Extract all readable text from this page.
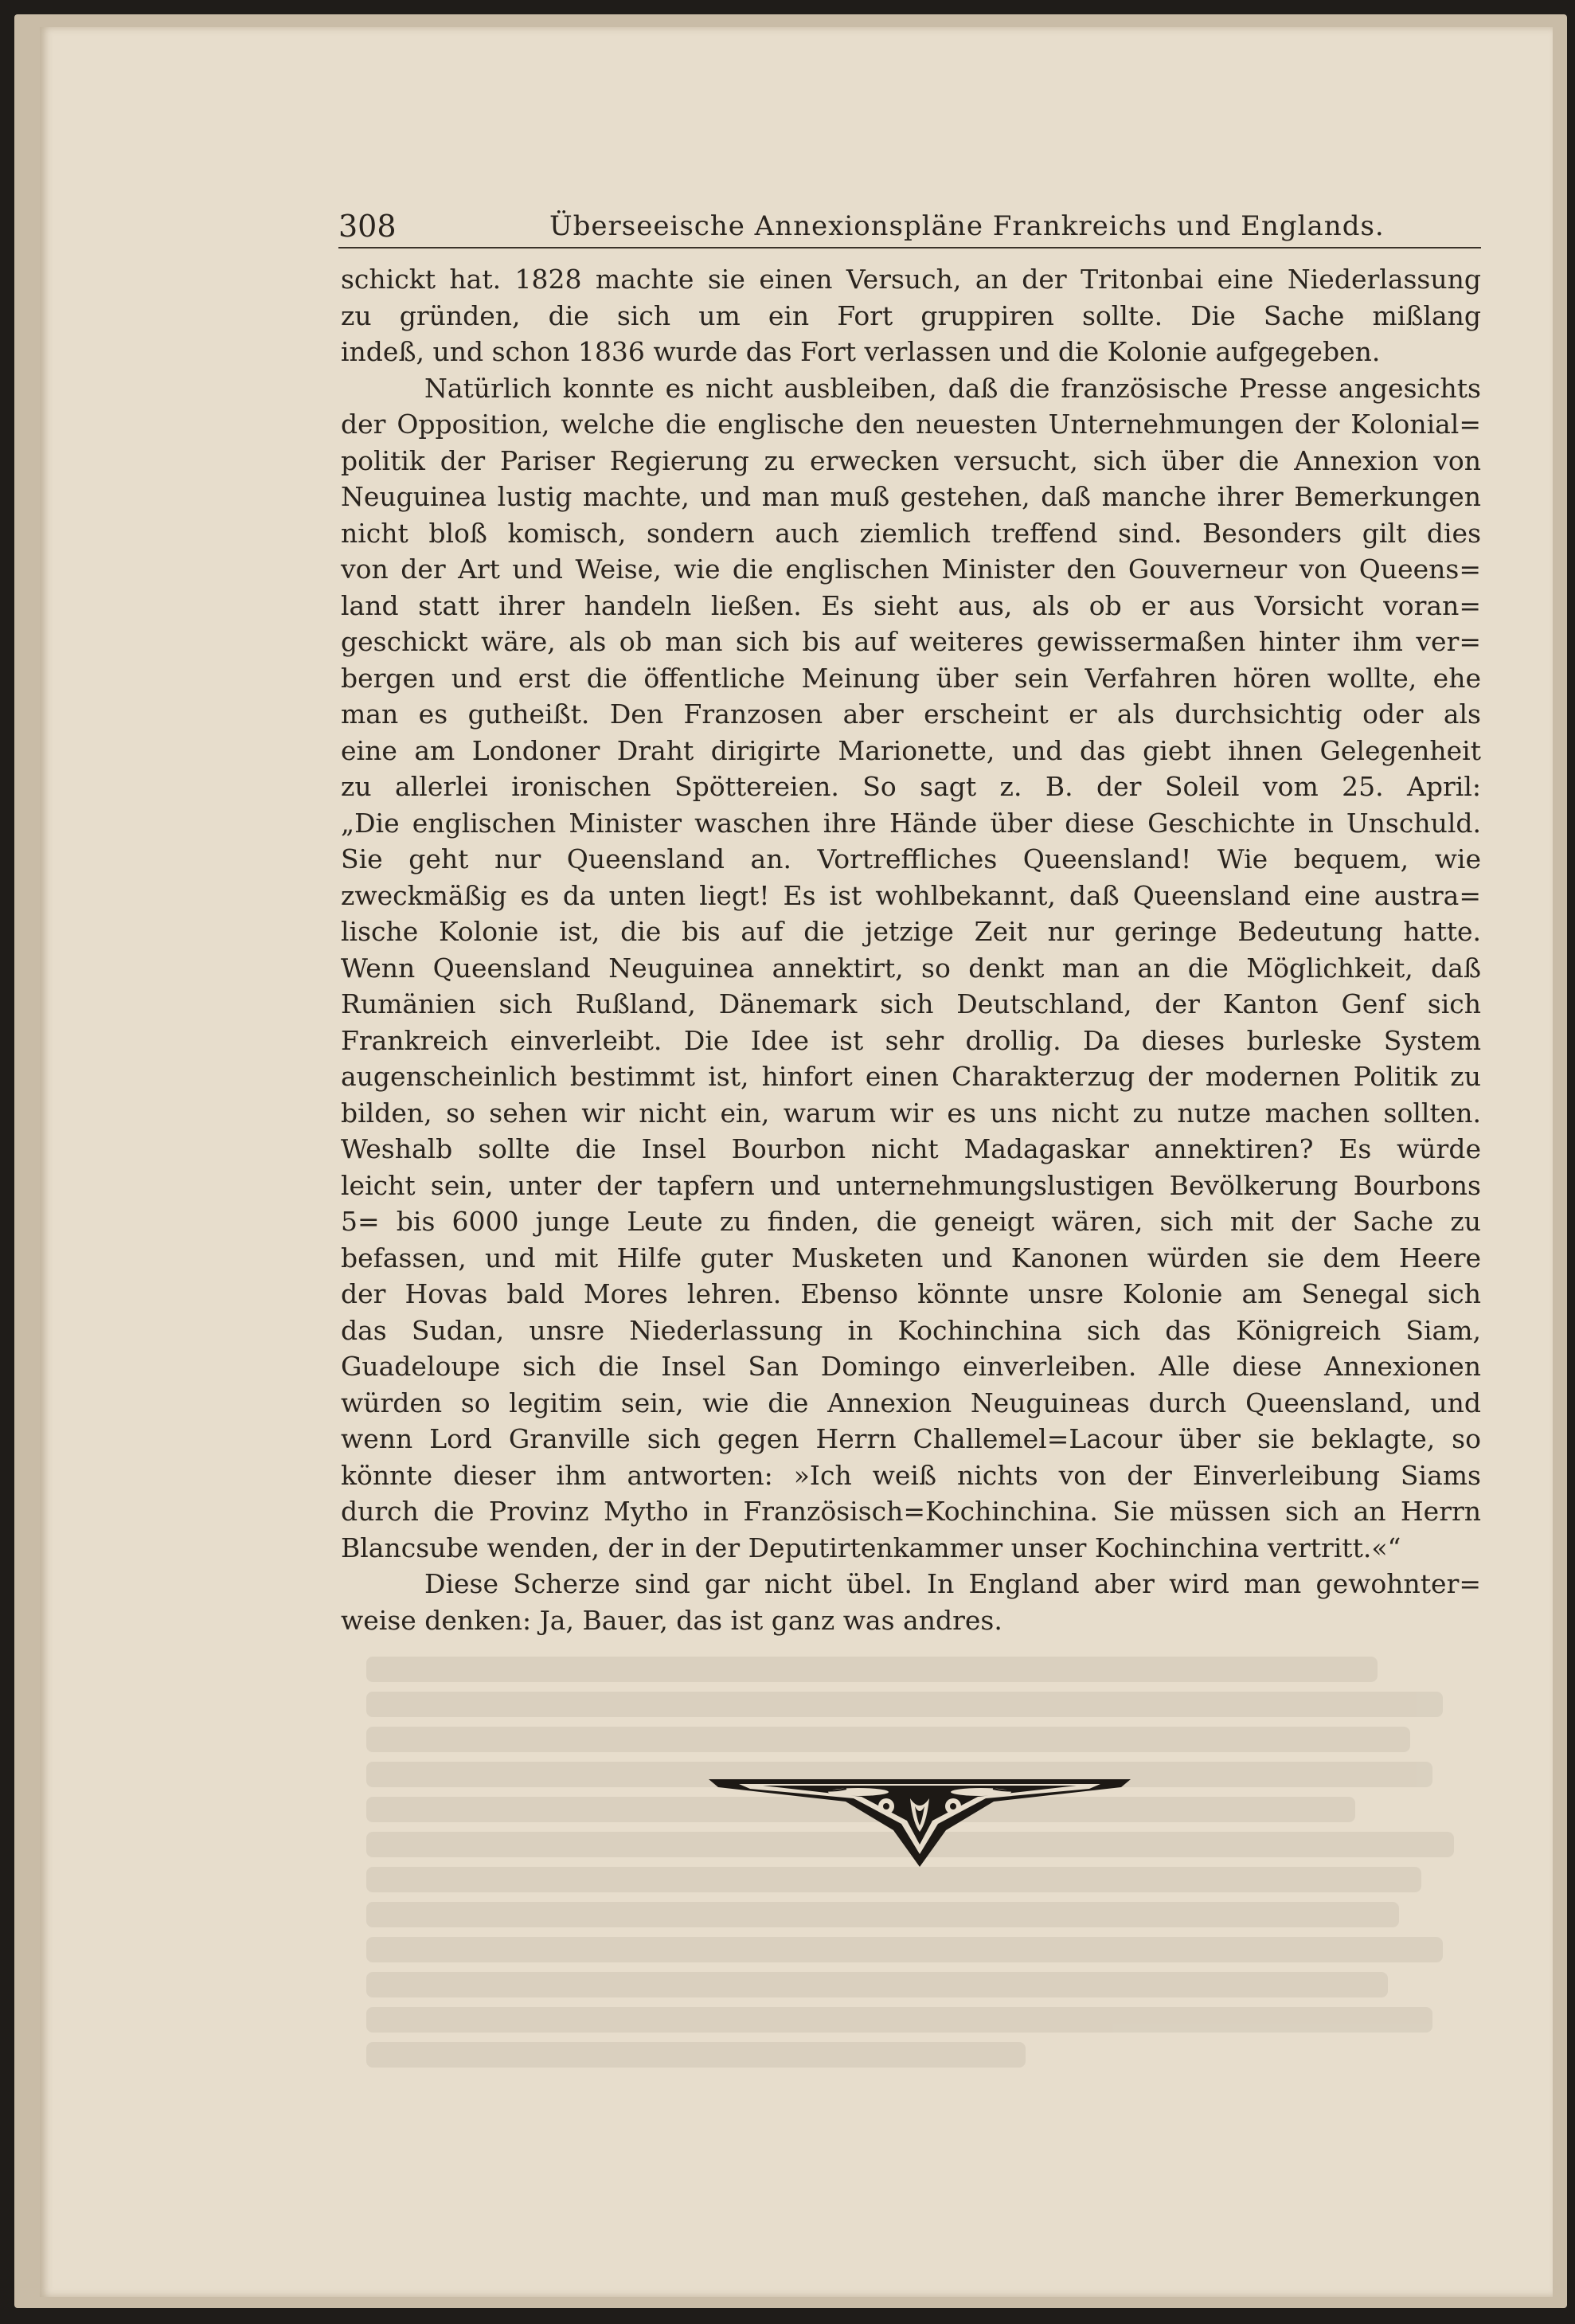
308	Überseeische Annexionspläne Frankreichs und Englands.
schickt hat. 1828 machte sie einen Versuch, an der Tritonbai eine Niederlassung
zu gründen, die sich um ein Fort gruppiren sollte. Die Sache mißlang
indeß, und schon 1836 wurde das Fort verlassen und die Kolonie aufgegeben.
Natürlich konnte es nicht ausbleiben, daß die französische Presse angesichts
der Opposition, welche die englische den neuesten Unternehmungen der Kolonial=
politik der Pariser Regierung zu erwecken versucht, sich über die Annexion von
Neuguinea lustig machte, und man muß gestehen, daß manche ihrer Bemerkungen
nicht bloß komisch, sondern auch ziemlich treffend sind. Besonders gilt dies
von der Art und Weise, wie die englischen Minister den Gouverneur von Queens=
land statt ihrer handeln ließen. Es sieht aus, als ob er aus Vorsicht voran=
geschickt wäre, als ob man sich bis auf weiteres gewissermaßen hinter ihm ver=
bergen und erst die öffentliche Meinung über sein Verfahren hören wollte, ehe
man es gutheißt. Den Franzosen aber erscheint er als durchsichtig oder als
eine am Londoner Draht dirigirte Marionette, und das giebt ihnen Gelegenheit
zu allerlei ironischen Spöttereien. So sagt z. B. der Soleil vom 25. April:
„Die englischen Minister waschen ihre Hände über diese Geschichte in Unschuld.
Sie geht nur Queensland an. Vortreffliches Queensland! Wie bequem, wie
zweckmäßig es da unten liegt! Es ist wohlbekannt, daß Queensland eine austra=
lische Kolonie ist, die bis auf die jetzige Zeit nur geringe Bedeutung hatte.
Wenn Queensland Neuguinea annektirt, so denkt man an die Möglichkeit, daß
Rumänien sich Rußland, Dänemark sich Deutschland, der Kanton Genf sich
Frankreich einverleibt. Die Idee ist sehr drollig. Da dieses burleske System
augenscheinlich bestimmt ist, hinfort einen Charakterzug der modernen Politik zu
bilden, so sehen wir nicht ein, warum wir es uns nicht zu nutze machen sollten.
Weshalb sollte die Insel Bourbon nicht Madagaskar annektiren? Es würde
leicht sein, unter der tapfern und unternehmungslustigen Bevölkerung Bourbons
5= bis 6000 junge Leute zu finden, die geneigt wären, sich mit der Sache zu
befassen, und mit Hilfe guter Musketen und Kanonen würden sie dem Heere
der Hovas bald Mores lehren. Ebenso könnte unsre Kolonie am Senegal sich
das Sudan, unsre Niederlassung in Kochinchina sich das Königreich Siam,
Guadeloupe sich die Insel San Domingo einverleiben. Alle diese Annexionen
würden so legitim sein, wie die Annexion Neuguineas durch Queensland, und
wenn Lord Granville sich gegen Herrn Challemel=Lacour über sie beklagte, so
könnte dieser ihm antworten: »Ich weiß nichts von der Einverleibung Siams
durch die Provinz Mytho in Französisch=Kochinchina. Sie müssen sich an Herrn
Blancsube wenden, der in der Deputirtenkammer unser Kochinchina vertritt.«“
Diese Scherze sind gar nicht übel. In England aber wird man gewohnter=
weise denken: Ja, Bauer, das ist ganz was andres.
